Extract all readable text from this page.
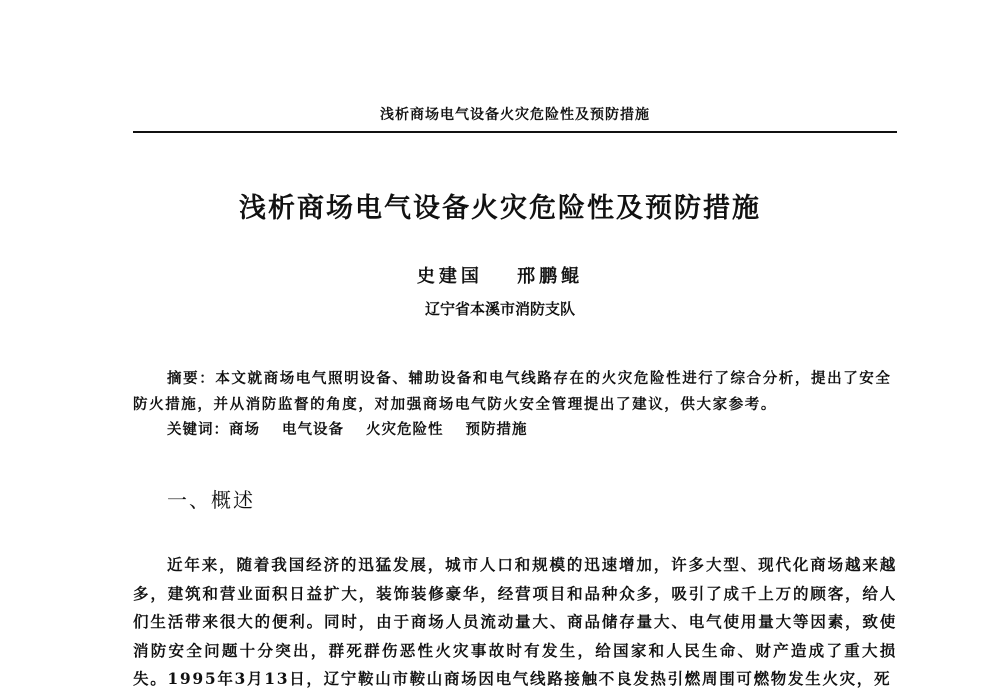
浅析商场电气设备火灾危险性及预防措施
浅析商场电气设备火灾危险性及预防措施
史建国 邢鹏鲲
辽宁省本溪市消防支队

摘要：本文就商场电气照明设备、辅助设备和电气线路存在的火灾危险性进行了综合分析，提出了安全防火措施，并从消防监督的角度，对加强商场电气防火安全管理提出了建议，供大家参考。

关键词：商场 电气设备 火灾危险性 预防措施
一、概述

近年来，随着我国经济的迅猛发展，城市人口和规模的迅速增加，许多大型、现代化商场越来越多，建筑和营业面积日益扩大，装饰装修豪华，经营项目和品种众多，吸引了成千上万的顾客，给人们生活带来很大的便利。同时，由于商场人员流动量大、商品储存量大、电气使用量大等因素，致使消防安全问题十分突出，群死群伤恶性火灾事故时有发生，给国家和人民生命、财产造成了重大损失。1995年3月13日，辽宁鞍山市鞍山商场因电气线路接触不良发热引燃周围可燃物发生火灾，死
